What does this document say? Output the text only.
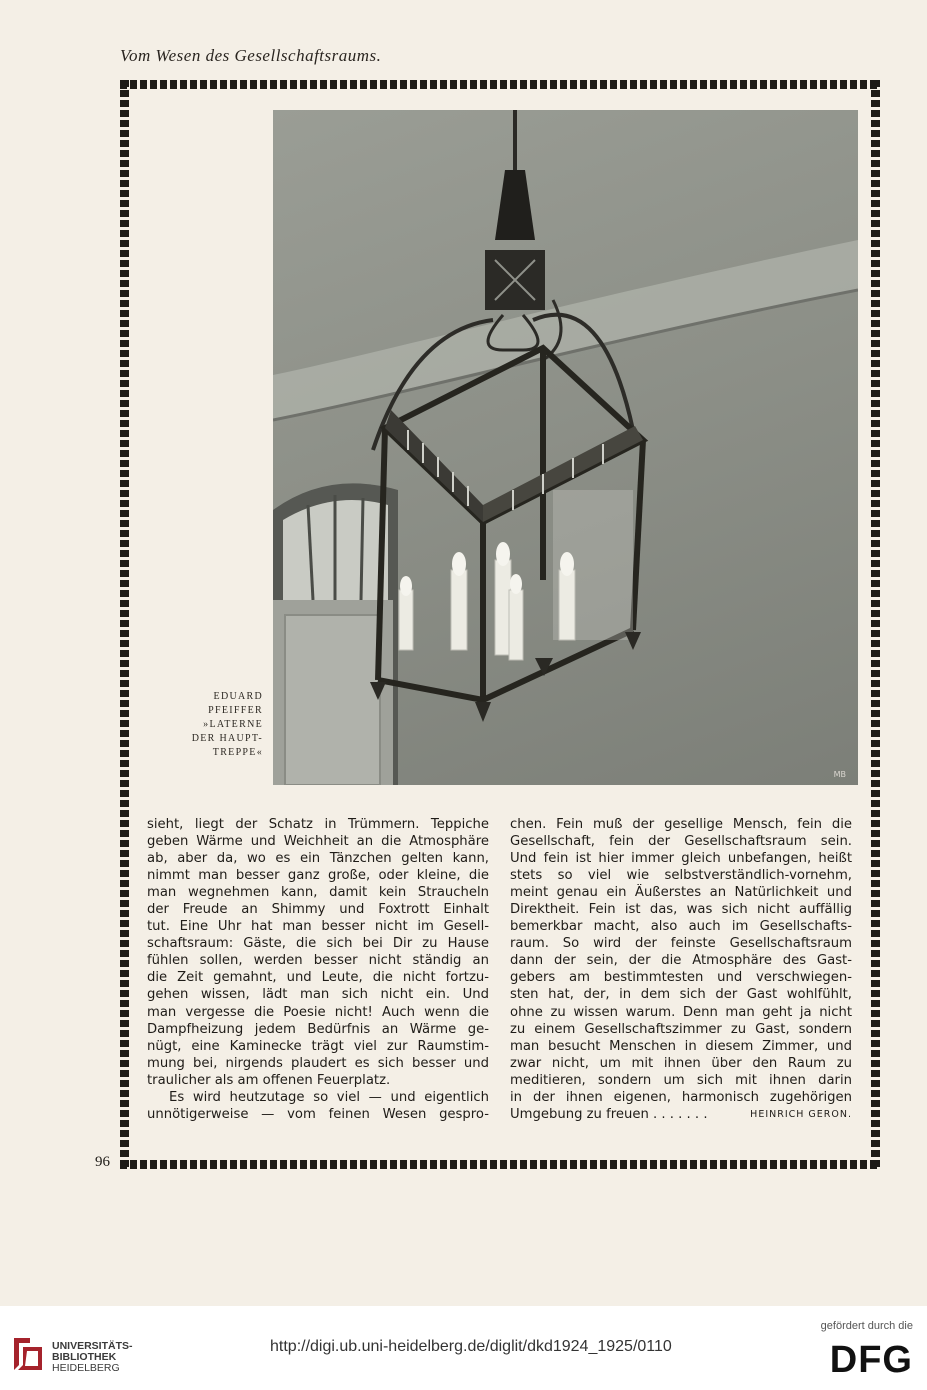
Vom Wesen des Gesellschaftsraums.
MB
EDUARD
PFEIFFER
»LATERNE
DER HAUPT-
TREPPE«
sieht, liegt der Schatz in Trümmern. Teppiche
geben Wärme und Weichheit an die Atmosphäre
ab, aber da, wo es ein Tänzchen gelten kann,
nimmt man besser ganz große, oder kleine, die
man wegnehmen kann, damit kein Straucheln
der Freude an Shimmy und Foxtrott Einhalt
tut. Eine Uhr hat man besser nicht im Gesell-
schaftsraum: Gäste, die sich bei Dir zu Hause
fühlen sollen, werden besser nicht ständig an
die Zeit gemahnt, und Leute, die nicht fortzu-
gehen wissen, lädt man sich nicht ein. Und
man vergesse die Poesie nicht! Auch wenn die
Dampfheizung jedem Bedürfnis an Wärme ge-
nügt, eine Kaminecke trägt viel zur Raumstim-
mung bei, nirgends plaudert es sich besser und
traulicher als am offenen Feuerplatz.
Es wird heutzutage so viel — und eigentlich
unnötigerweise — vom feinen Wesen gespro-
chen. Fein muß der gesellige Mensch, fein die
Gesellschaft, fein der Gesellschaftsraum sein.
Und fein ist hier immer gleich unbefangen, heißt
stets so viel wie selbstverständlich-vornehm,
meint genau ein Äußerstes an Natürlichkeit und
Direktheit. Fein ist das, was sich nicht auffällig
bemerkbar macht, also auch im Gesellschafts-
raum. So wird der feinste Gesellschaftsraum
dann der sein, der die Atmosphäre des Gast-
gebers am bestimmtesten und verschwiegen-
sten hat, der, in dem sich der Gast wohlfühlt,
ohne zu wissen warum. Denn man geht ja nicht
zu einem Gesellschaftszimmer zu Gast, sondern
man besucht Menschen in diesem Zimmer, und
zwar nicht, um mit ihnen über den Raum zu
meditieren, sondern um sich mit ihnen darin
in der ihnen eigenen, harmonisch zugehörigen
Umgebung zu freuen . . . . . . .	HEINRICH GERON.
96
UNIVERSITÄTS-
BIBLIOTHEK
HEIDELBERG
http://digi.ub.uni-heidelberg.de/diglit/dkd1924_1925/0110
gefördert durch die
DFG
